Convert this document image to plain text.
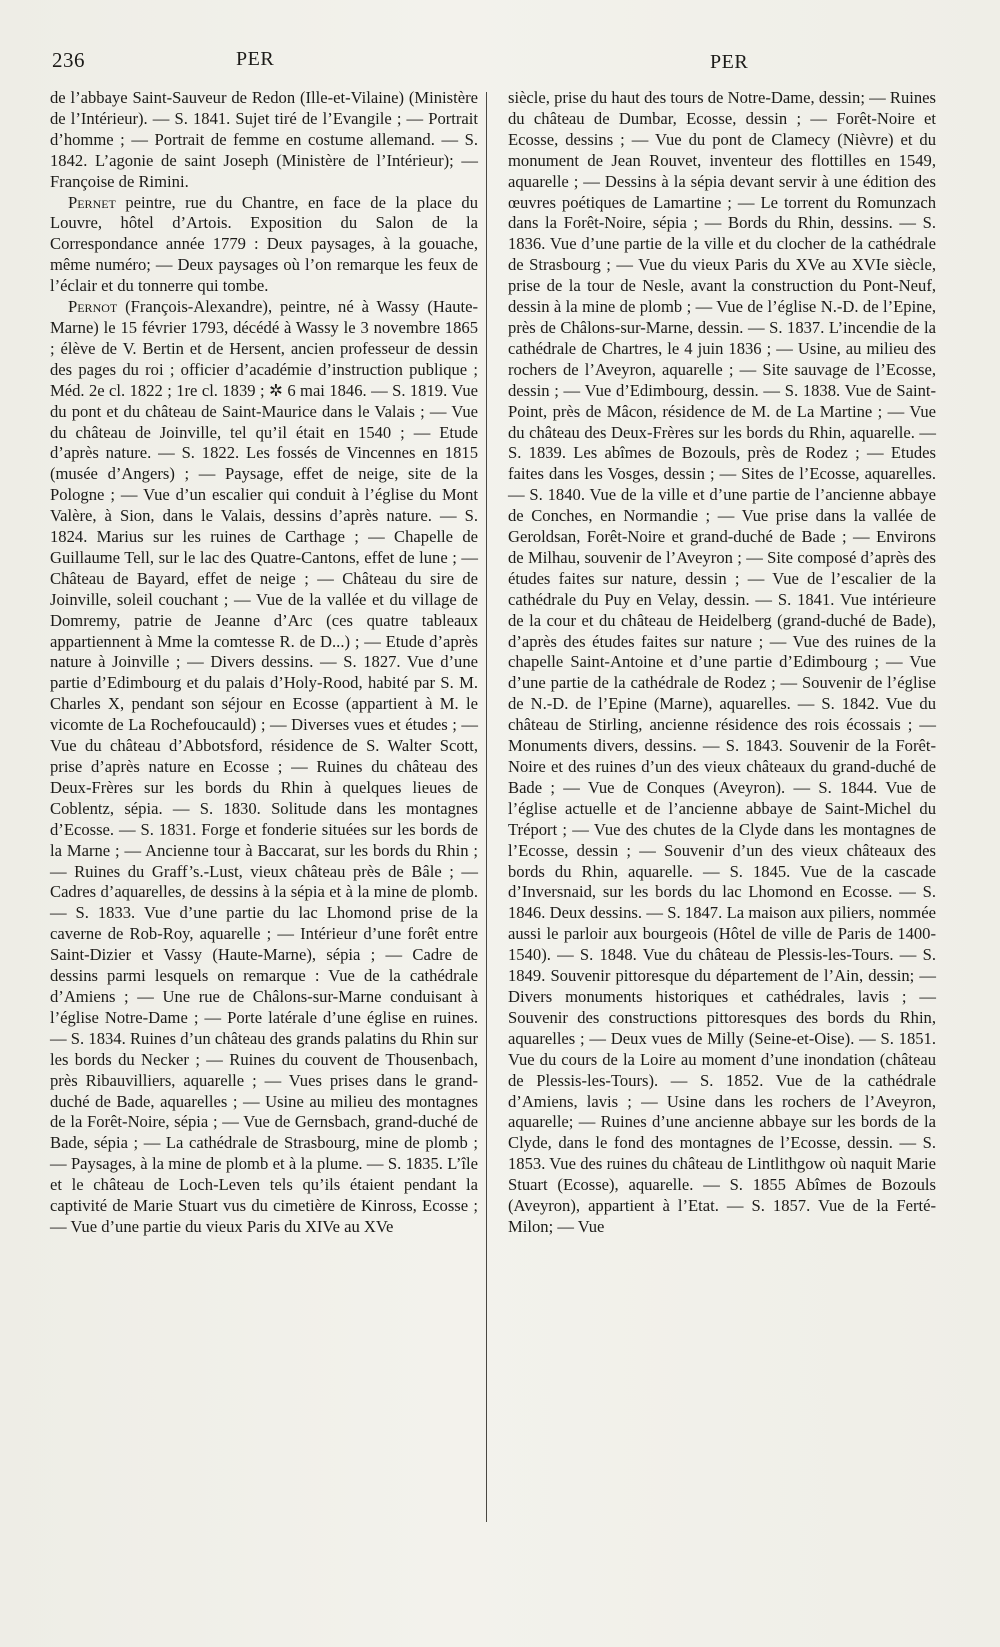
236	PER	PER

de l’abbaye Saint-Sauveur de Redon (Ille-et-Vilaine) (Ministère de l’Intérieur). — S. 1841. Sujet tiré de l’Evangile ; — Portrait d’homme ; — Portrait de femme en costume allemand. — S. 1842. L’agonie de saint Joseph (Ministère de l’Intérieur); — Françoise de Rimini.

Pernet peintre, rue du Chantre, en face de la place du Louvre, hôtel d’Artois. Exposition du Salon de la Correspondance année 1779 : Deux paysages, à la gouache, même numéro; — Deux paysages où l’on remarque les feux de l’éclair et du tonnerre qui tombe.

Pernot (François-Alexandre), peintre, né à Wassy (Haute-Marne) le 15 février 1793, décédé à Wassy le 3 novembre 1865 ; élève de V. Bertin et de Hersent, ancien professeur de dessin des pages du roi ; officier d’académie d’instruction publique ; Méd. 2e cl. 1822 ; 1re cl. 1839 ; ✲ 6 mai 1846. — S. 1819. Vue du pont et du château de Saint-Maurice dans le Valais ; — Vue du château de Joinville, tel qu’il était en 1540 ; — Etude d’après nature. — S. 1822. Les fossés de Vincennes en 1815 (musée d’Angers) ; — Paysage, effet de neige, site de la Pologne ; — Vue d’un escalier qui conduit à l’église du Mont Valère, à Sion, dans le Valais, dessins d’après nature. — S. 1824. Marius sur les ruines de Carthage ; — Chapelle de Guillaume Tell, sur le lac des Quatre-Cantons, effet de lune ; — Château de Bayard, effet de neige ; — Château du sire de Joinville, soleil couchant ; — Vue de la vallée et du village de Domremy, patrie de Jeanne d’Arc (ces quatre tableaux appartiennent à Mme la comtesse R. de D...) ; — Etude d’après nature à Joinville ; — Divers dessins. — S. 1827. Vue d’une partie d’Edimbourg et du palais d’Holy-Rood, habité par S. M. Charles X, pendant son séjour en Ecosse (appartient à M. le vicomte de La Rochefoucauld) ; — Diverses vues et études ; — Vue du château d’Abbotsford, résidence de S. Walter Scott, prise d’après nature en Ecosse ; — Ruines du château des Deux-Frères sur les bords du Rhin à quelques lieues de Coblentz, sépia. — S. 1830. Solitude dans les montagnes d’Ecosse. — S. 1831. Forge et fonderie situées sur les bords de la Marne ; — Ancienne tour à Baccarat, sur les bords du Rhin ; — Ruines du Graff’s.-Lust, vieux château près de Bâle ; — Cadres d’aquarelles, de dessins à la sépia et à la mine de plomb. — S. 1833. Vue d’une partie du lac Lhomond prise de la caverne de Rob-Roy, aquarelle ; — Intérieur d’une forêt entre Saint-Dizier et Vassy (Haute-Marne), sépia ; — Cadre de dessins parmi lesquels on remarque : Vue de la cathédrale d’Amiens ; — Une rue de Châlons-sur-Marne conduisant à l’église Notre-Dame ; — Porte latérale d’une église en ruines. — S. 1834. Ruines d’un château des grands palatins du Rhin sur les bords du Necker ; — Ruines du couvent de Thousenbach, près Ribauvilliers, aquarelle ; — Vues prises dans le grand-duché de Bade, aquarelles ; — Usine au milieu des montagnes de la Forêt-Noire, sépia ; — Vue de Gernsbach, grand-duché de Bade, sépia ; — La cathédrale de Strasbourg, mine de plomb ; — Paysages, à la mine de plomb et à la plume. — S. 1835. L’île et le château de Loch-Leven tels qu’ils étaient pendant la captivité de Marie Stuart vus du cimetière de Kinross, Ecosse ; — Vue d’une partie du vieux Paris du XIVe au XVe

siècle, prise du haut des tours de Notre-Dame, dessin; — Ruines du château de Dumbar, Ecosse, dessin ; — Forêt-Noire et Ecosse, dessins ; — Vue du pont de Clamecy (Nièvre) et du monument de Jean Rouvet, inventeur des flottilles en 1549, aquarelle ; — Dessins à la sépia devant servir à une édition des œuvres poétiques de Lamartine ; — Le torrent du Romunzach dans la Forêt-Noire, sépia ; — Bords du Rhin, dessins. — S. 1836. Vue d’une partie de la ville et du clocher de la cathédrale de Strasbourg ; — Vue du vieux Paris du XVe au XVIe siècle, prise de la tour de Nesle, avant la construction du Pont-Neuf, dessin à la mine de plomb ; — Vue de l’église N.-D. de l’Epine, près de Châlons-sur-Marne, dessin. — S. 1837. L’incendie de la cathédrale de Chartres, le 4 juin 1836 ; — Usine, au milieu des rochers de l’Aveyron, aquarelle ; — Site sauvage de l’Ecosse, dessin ; — Vue d’Edimbourg, dessin. — S. 1838. Vue de Saint-Point, près de Mâcon, résidence de M. de La Martine ; — Vue du château des Deux-Frères sur les bords du Rhin, aquarelle. — S. 1839. Les abîmes de Bozouls, près de Rodez ; — Etudes faites dans les Vosges, dessin ; — Sites de l’Ecosse, aquarelles. — S. 1840. Vue de la ville et d’une partie de l’ancienne abbaye de Conches, en Normandie ; — Vue prise dans la vallée de Geroldsan, Forêt-Noire et grand-duché de Bade ; — Environs de Milhau, souvenir de l’Aveyron ; — Site composé d’après des études faites sur nature, dessin ; — Vue de l’escalier de la cathédrale du Puy en Velay, dessin. — S. 1841. Vue intérieure de la cour et du château de Heidelberg (grand-duché de Bade), d’après des études faites sur nature ; — Vue des ruines de la chapelle Saint-Antoine et d’une partie d’Edimbourg ; — Vue d’une partie de la cathédrale de Rodez ; — Souvenir de l’église de N.-D. de l’Epine (Marne), aquarelles. — S. 1842. Vue du château de Stirling, ancienne résidence des rois écossais ; — Monuments divers, dessins. — S. 1843. Souvenir de la Forêt-Noire et des ruines d’un des vieux châteaux du grand-duché de Bade ; — Vue de Conques (Aveyron). — S. 1844. Vue de l’église actuelle et de l’ancienne abbaye de Saint-Michel du Tréport ; — Vue des chutes de la Clyde dans les montagnes de l’Ecosse, dessin ; — Souvenir d’un des vieux châteaux des bords du Rhin, aquarelle. — S. 1845. Vue de la cascade d’Inversnaid, sur les bords du lac Lhomond en Ecosse. — S. 1846. Deux dessins. — S. 1847. La maison aux piliers, nommée aussi le parloir aux bourgeois (Hôtel de ville de Paris de 1400-1540). — S. 1848. Vue du château de Plessis-les-Tours. — S. 1849. Souvenir pittoresque du département de l’Ain, dessin; — Divers monuments historiques et cathédrales, lavis ; — Souvenir des constructions pittoresques des bords du Rhin, aquarelles ; — Deux vues de Milly (Seine-et-Oise). — S. 1851. Vue du cours de la Loire au moment d’une inondation (château de Plessis-les-Tours). — S. 1852. Vue de la cathédrale d’Amiens, lavis ; — Usine dans les rochers de l’Aveyron, aquarelle; — Ruines d’une ancienne abbaye sur les bords de la Clyde, dans le fond des montagnes de l’Ecosse, dessin. — S. 1853. Vue des ruines du château de Lintlithgow où naquit Marie Stuart (Ecosse), aquarelle. — S. 1855 Abîmes de Bozouls (Aveyron), appartient à l’Etat. — S. 1857. Vue de la Ferté-Milon; — Vue
